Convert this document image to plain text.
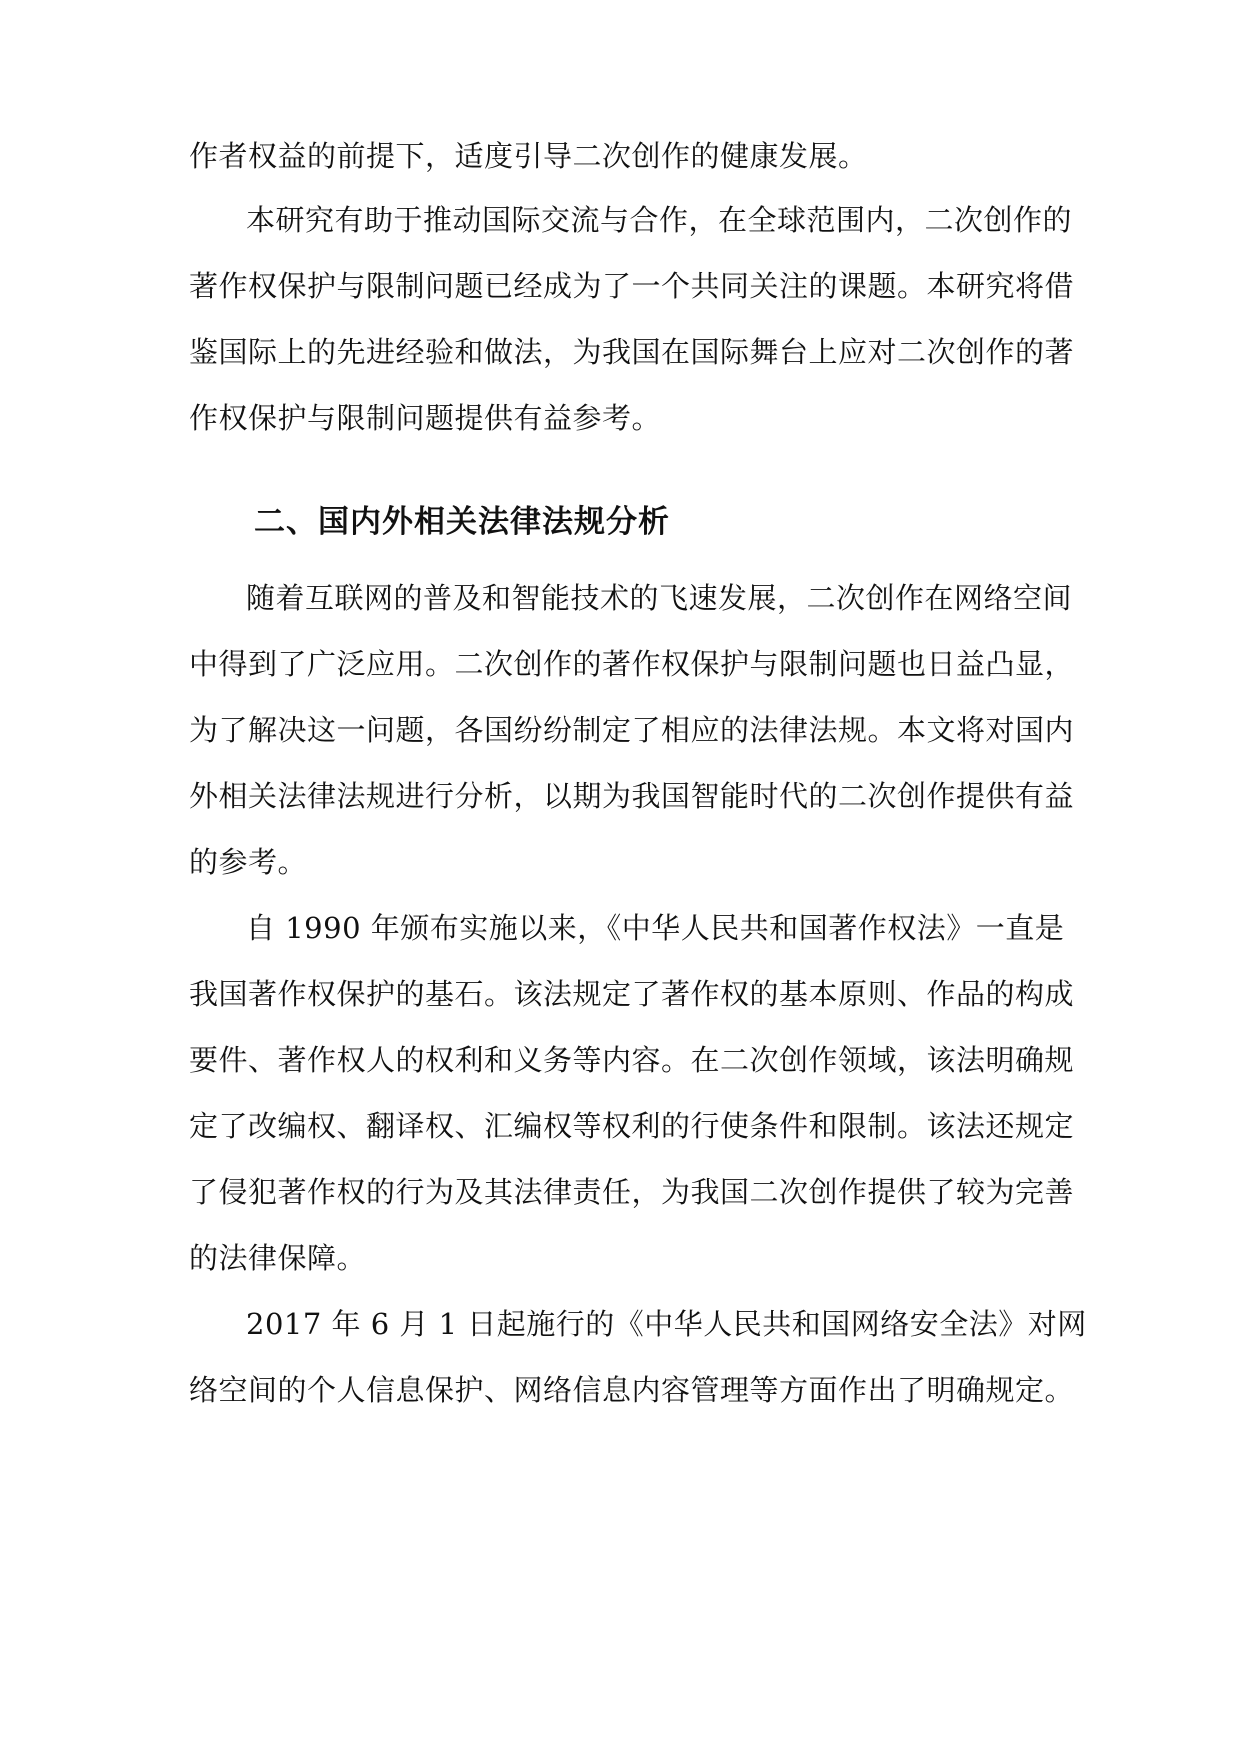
作者权益的前提下，适度引导二次创作的健康发展。
本研究有助于推动国际交流与合作，在全球范围内，二次创作的
著作权保护与限制问题已经成为了一个共同关注的课题。本研究将借
鉴国际上的先进经验和做法，为我国在国际舞台上应对二次创作的著
作权保护与限制问题提供有益参考。
二、国内外相关法律法规分析
随着互联网的普及和智能技术的飞速发展，二次创作在网络空间
中得到了广泛应用。二次创作的著作权保护与限制问题也日益凸显，
为了解决这一问题，各国纷纷制定了相应的法律法规。本文将对国内
外相关法律法规进行分析，以期为我国智能时代的二次创作提供有益
的参考。
自 1990 年颁布实施以来，《中华人民共和国著作权法》一直是
我国著作权保护的基石。该法规定了著作权的基本原则、作品的构成
要件、著作权人的权利和义务等内容。在二次创作领域，该法明确规
定了改编权、翻译权、汇编权等权利的行使条件和限制。该法还规定
了侵犯著作权的行为及其法律责任，为我国二次创作提供了较为完善
的法律保障。
2017 年 6 月 1 日起施行的《中华人民共和国网络安全法》对网
络空间的个人信息保护、网络信息内容管理等方面作出了明确规定。
